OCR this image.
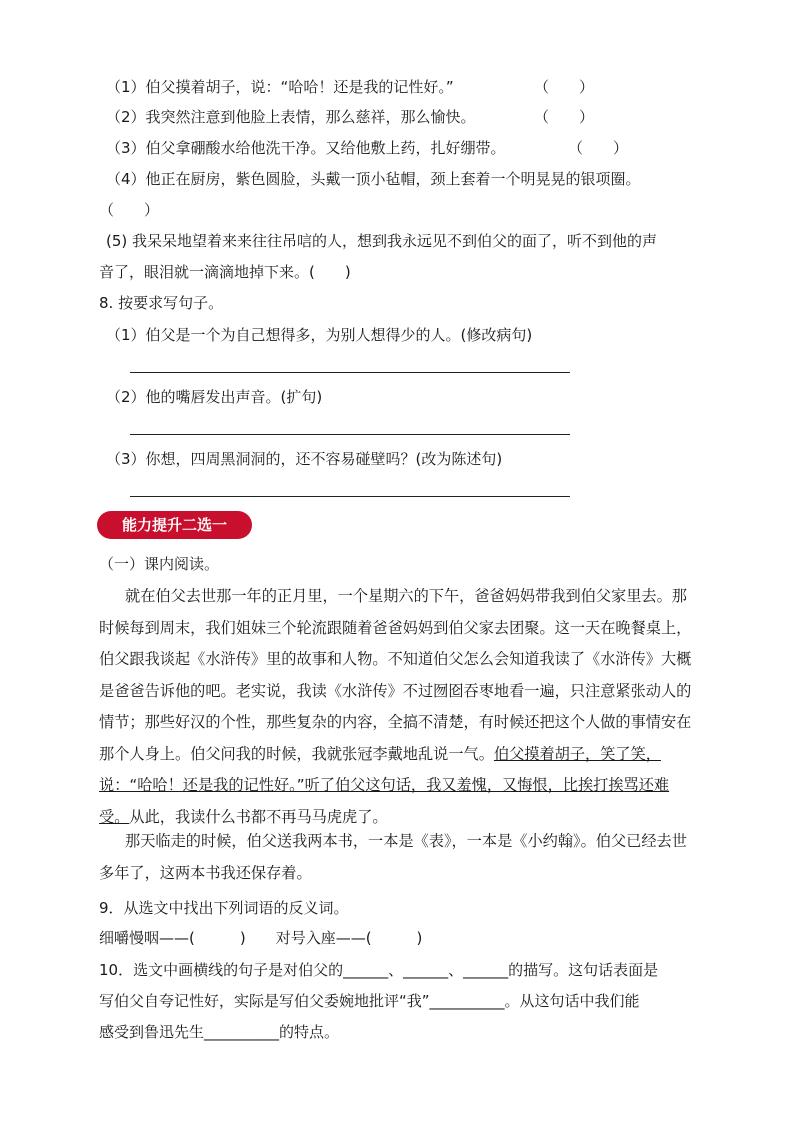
（1）伯父摸着胡子，说：“哈哈！还是我的记性好。”	（　　）
（2）我突然注意到他脸上表情，那么慈祥，那么愉快。	（　　）
（3）伯父拿硼酸水给他洗干净。又给他敷上药，扎好绷带。	（　　）
（4）他正在厨房，紫色圆脸，头戴一顶小毡帽，颈上套着一个明晃晃的银项圈。
（　　）
(5) 我呆呆地望着来来往往吊唁的人，想到我永远见不到伯父的面了，听不到他的声
音了，眼泪就一滴滴地掉下来。(　　)
8. 按要求写句子。
（1）伯父是一个为自己想得多，为别人想得少的人。(修改病句)
（2）他的嘴唇发出声音。(扩句)
（3）你想，四周黑洞洞的，还不容易碰壁吗？(改为陈述句)
能力提升二选一
（一）课内阅读。
就在伯父去世那一年的正月里，一个星期六的下午，爸爸妈妈带我到伯父家里去。那时候每到周末，我们姐妹三个轮流跟随着爸爸妈妈到伯父家去团聚。这一天在晚餐桌上，伯父跟我谈起《水浒传》里的故事和人物。不知道伯父怎么会知道我读了《水浒传》大概是爸爸告诉他的吧。老实说，我读《水浒传》不过囫囵吞枣地看一遍，只注意紧张动人的情节；那些好汉的个性，那些复杂的内容，全搞不清楚，有时候还把这个人做的事情安在那个人身上。伯父问我的时候，我就张冠李戴地乱说一气。伯父摸着胡子，笑了笑，说：“哈哈！还是我的记性好。”听了伯父这句话，我又羞愧，又悔恨，比挨打挨骂还难受。从此，我读什么书都不再马马虎虎了。
那天临走的时候，伯父送我两本书，一本是《表》，一本是《小约翰》。伯父已经去世多年了，这两本书我还保存着。
9．从选文中找出下列词语的反义词。
细嚼慢咽——(　　　)　　对号入座——(　　　)
10．选文中画横线的句子是对伯父的______、______、______的描写。这句话表面是
写伯父自夸记性好，实际是写伯父委婉地批评“我”__________。从这句话中我们能
感受到鲁迅先生__________的特点。
